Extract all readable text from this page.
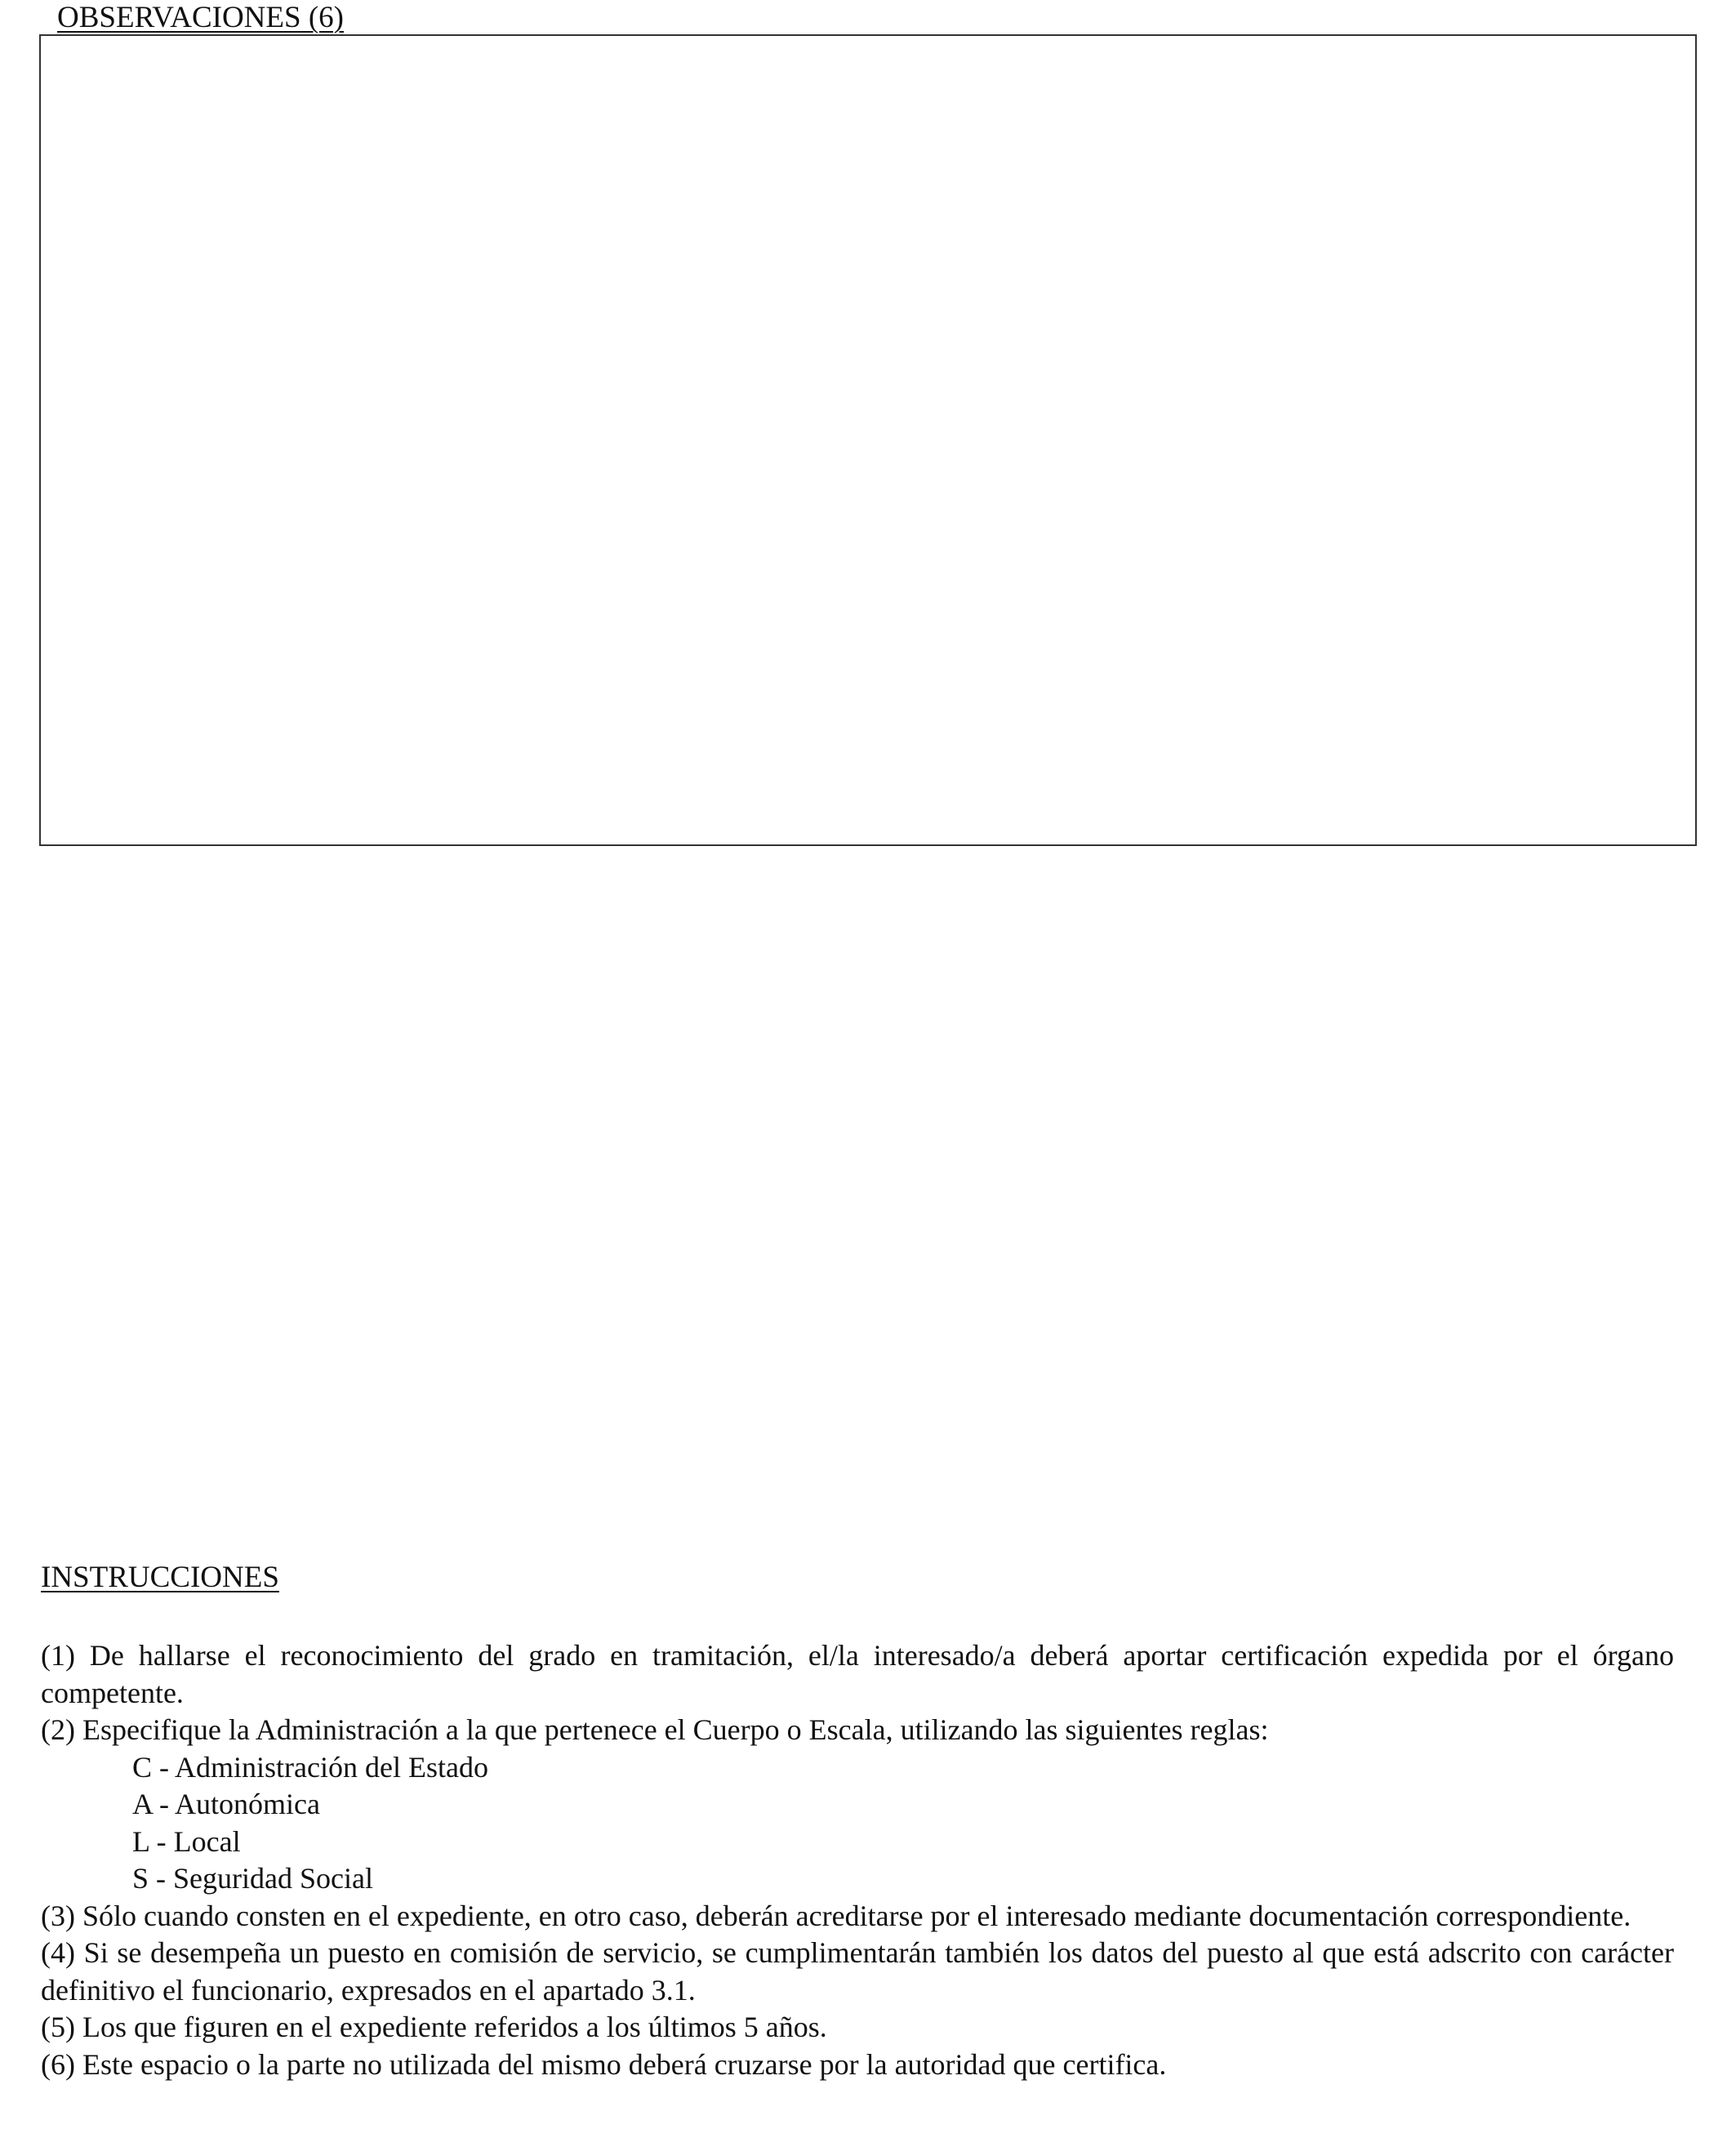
OBSERVACIONES (6)
INSTRUCCIONES

(1) De hallarse el reconocimiento del grado en tramitación, el/la interesado/a deberá aportar certificación expedida por el órgano competente.

(2) Especifique la Administración a la que pertenece el Cuerpo o Escala, utilizando las siguientes reglas:

C - Administración del Estado

A - Autonómica

L - Local

S - Seguridad Social

(3) Sólo cuando consten en el expediente, en otro caso, deberán acreditarse por el interesado mediante documentación correspondiente.

(4) Si se desempeña un puesto en comisión de servicio, se cumplimentarán también los datos del puesto al que está adscrito con carácter definitivo el funcionario, expresados en el apartado 3.1.

(5) Los que figuren en el expediente referidos a los últimos 5 años.

(6) Este espacio o la parte no utilizada del mismo deberá cruzarse por la autoridad que certifica.
